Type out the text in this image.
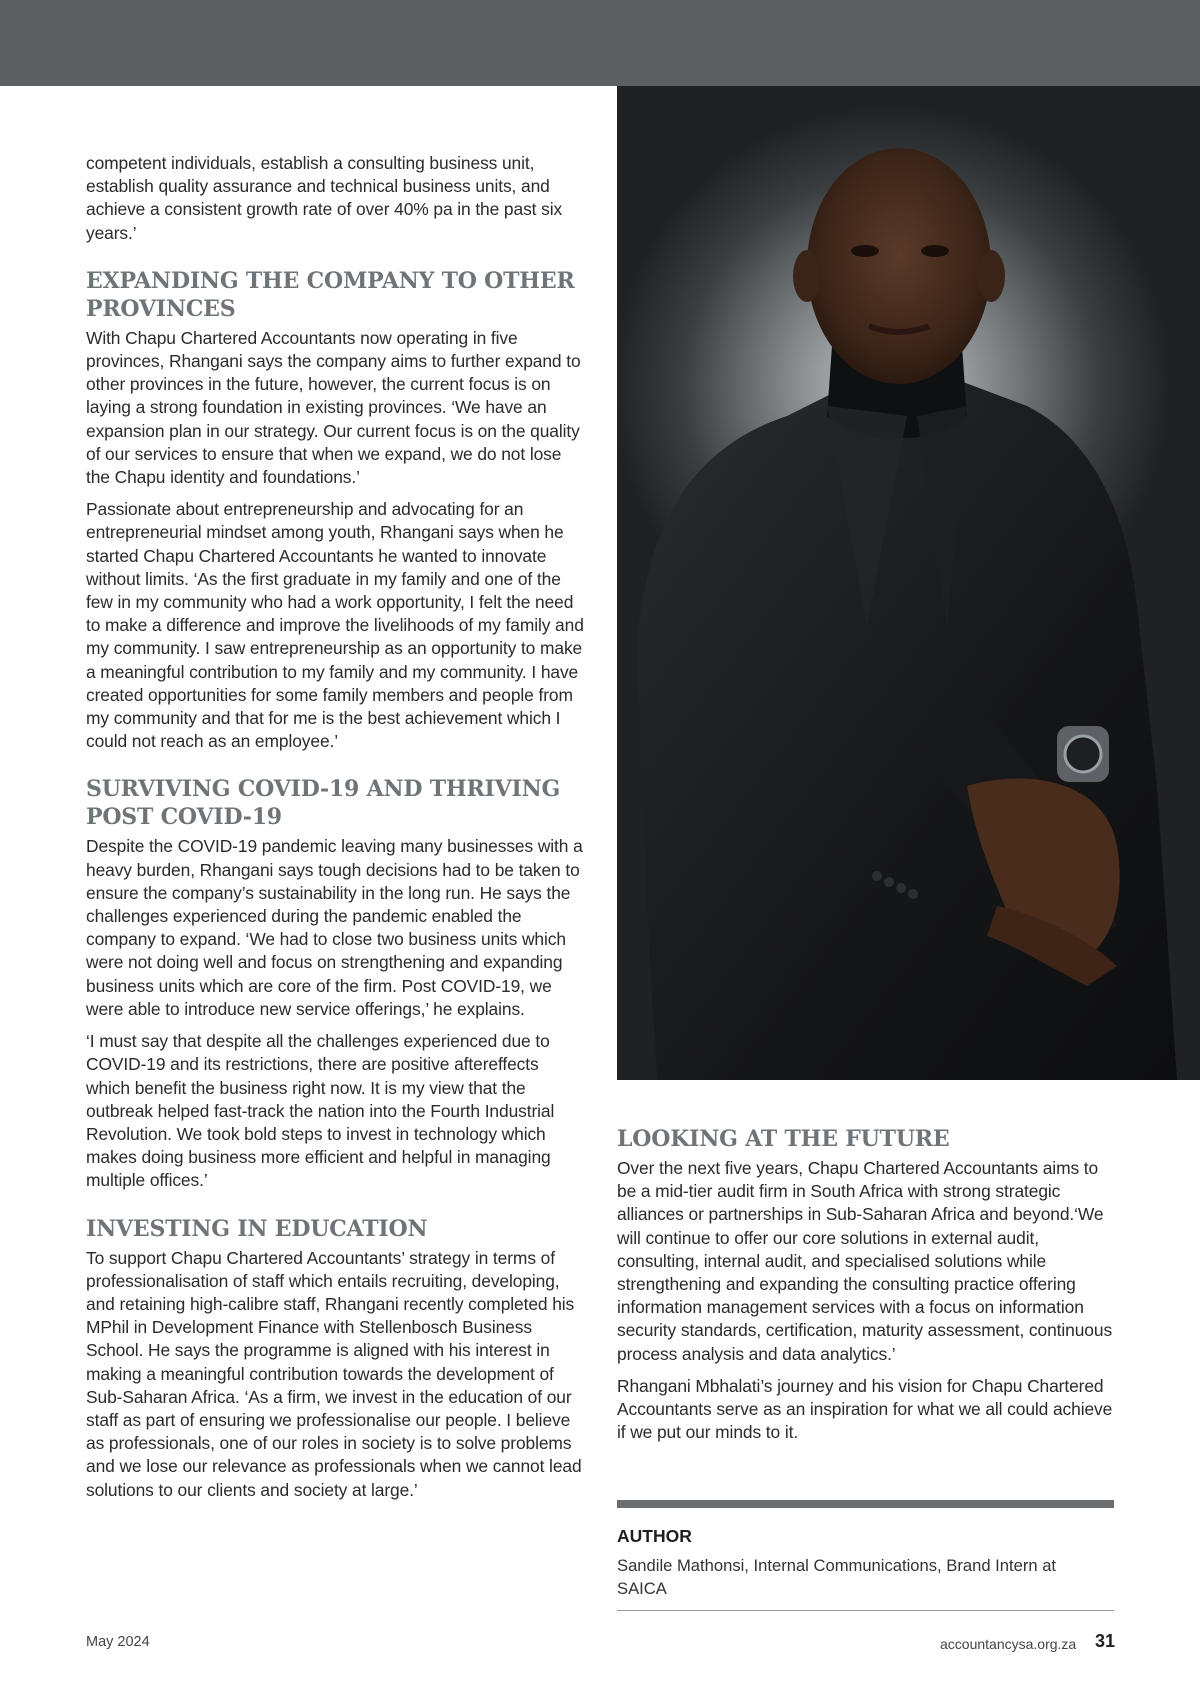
competent individuals, establish a consulting business unit, establish quality assurance and technical business units, and achieve a consistent growth rate of over 40% pa in the past six years.’

EXPANDING THE COMPANY TO OTHER
PROVINCES

With Chapu Chartered Accountants now operating in five provinces, Rhangani says the company aims to further expand to other provinces in the future, however, the current focus is on laying a strong foundation in existing provinces. ‘We have an expansion plan in our strategy. Our current focus is on the quality of our services to ensure that when we expand, we do not lose the Chapu identity and foundations.’

Passionate about entrepreneurship and advocating for an entrepreneurial mindset among youth, Rhangani says when he started Chapu Chartered Accountants he wanted to innovate without limits. ‘As the first graduate in my family and one of the few in my community who had a work opportunity, I felt the need to make a difference and improve the livelihoods of my family and my community. I saw entrepreneurship as an opportunity to make a meaningful contribution to my family and my community. I have created opportunities for some family members and people from my community and that for me is the best achievement which I could not reach as an employee.’

SURVIVING COVID-19 AND THRIVING
POST COVID-19

Despite the COVID-19 pandemic leaving many businesses with a heavy burden, Rhangani says tough decisions had to be taken to ensure the company’s sustainability in the long run. He says the challenges experienced during the pandemic enabled the company to expand. ‘We had to close two business units which were not doing well and focus on strengthening and expanding business units which are core of the firm. Post COVID-19, we were able to introduce new service offerings,’ he explains.

‘I must say that despite all the challenges experienced due to COVID-19 and its restrictions, there are positive aftereffects which benefit the business right now. It is my view that the outbreak helped fast-track the nation into the Fourth Industrial Revolution. We took bold steps to invest in technology which makes doing business more efficient and helpful in managing multiple offices.’

INVESTING IN EDUCATION

To support Chapu Chartered Accountants’ strategy in terms of professionalisation of staff which entails recruiting, developing, and retaining high-calibre staff, Rhangani recently completed his MPhil in Development Finance with Stellenbosch Business School. He says the programme is aligned with his interest in making a meaningful contribution towards the development of Sub-Saharan Africa. ‘As a firm, we invest in the education of our staff as part of ensuring we professionalise our people. I believe as professionals, one of our roles in society is to solve problems and we lose our relevance as professionals when we cannot lead solutions to our clients and society at large.’

LOOKING AT THE FUTURE

Over the next five years, Chapu Chartered Accountants aims to be a mid-tier audit firm in South Africa with strong strategic alliances or partnerships in Sub-Saharan Africa and beyond.‘We will continue to offer our core solutions in external audit, consulting, internal audit, and specialised solutions while strengthening and expanding the consulting practice offering information management services with a focus on information security standards, certification, maturity assessment, continuous process analysis and data analytics.’

Rhangani Mbhalati’s journey and his vision for Chapu Chartered Accountants serve as an inspiration for what we all could achieve if we put our minds to it.

AUTHOR
Sandile Mathonsi, Internal Communications, Brand Intern at SAICA
May 2024	accountancysa.org.za 31
